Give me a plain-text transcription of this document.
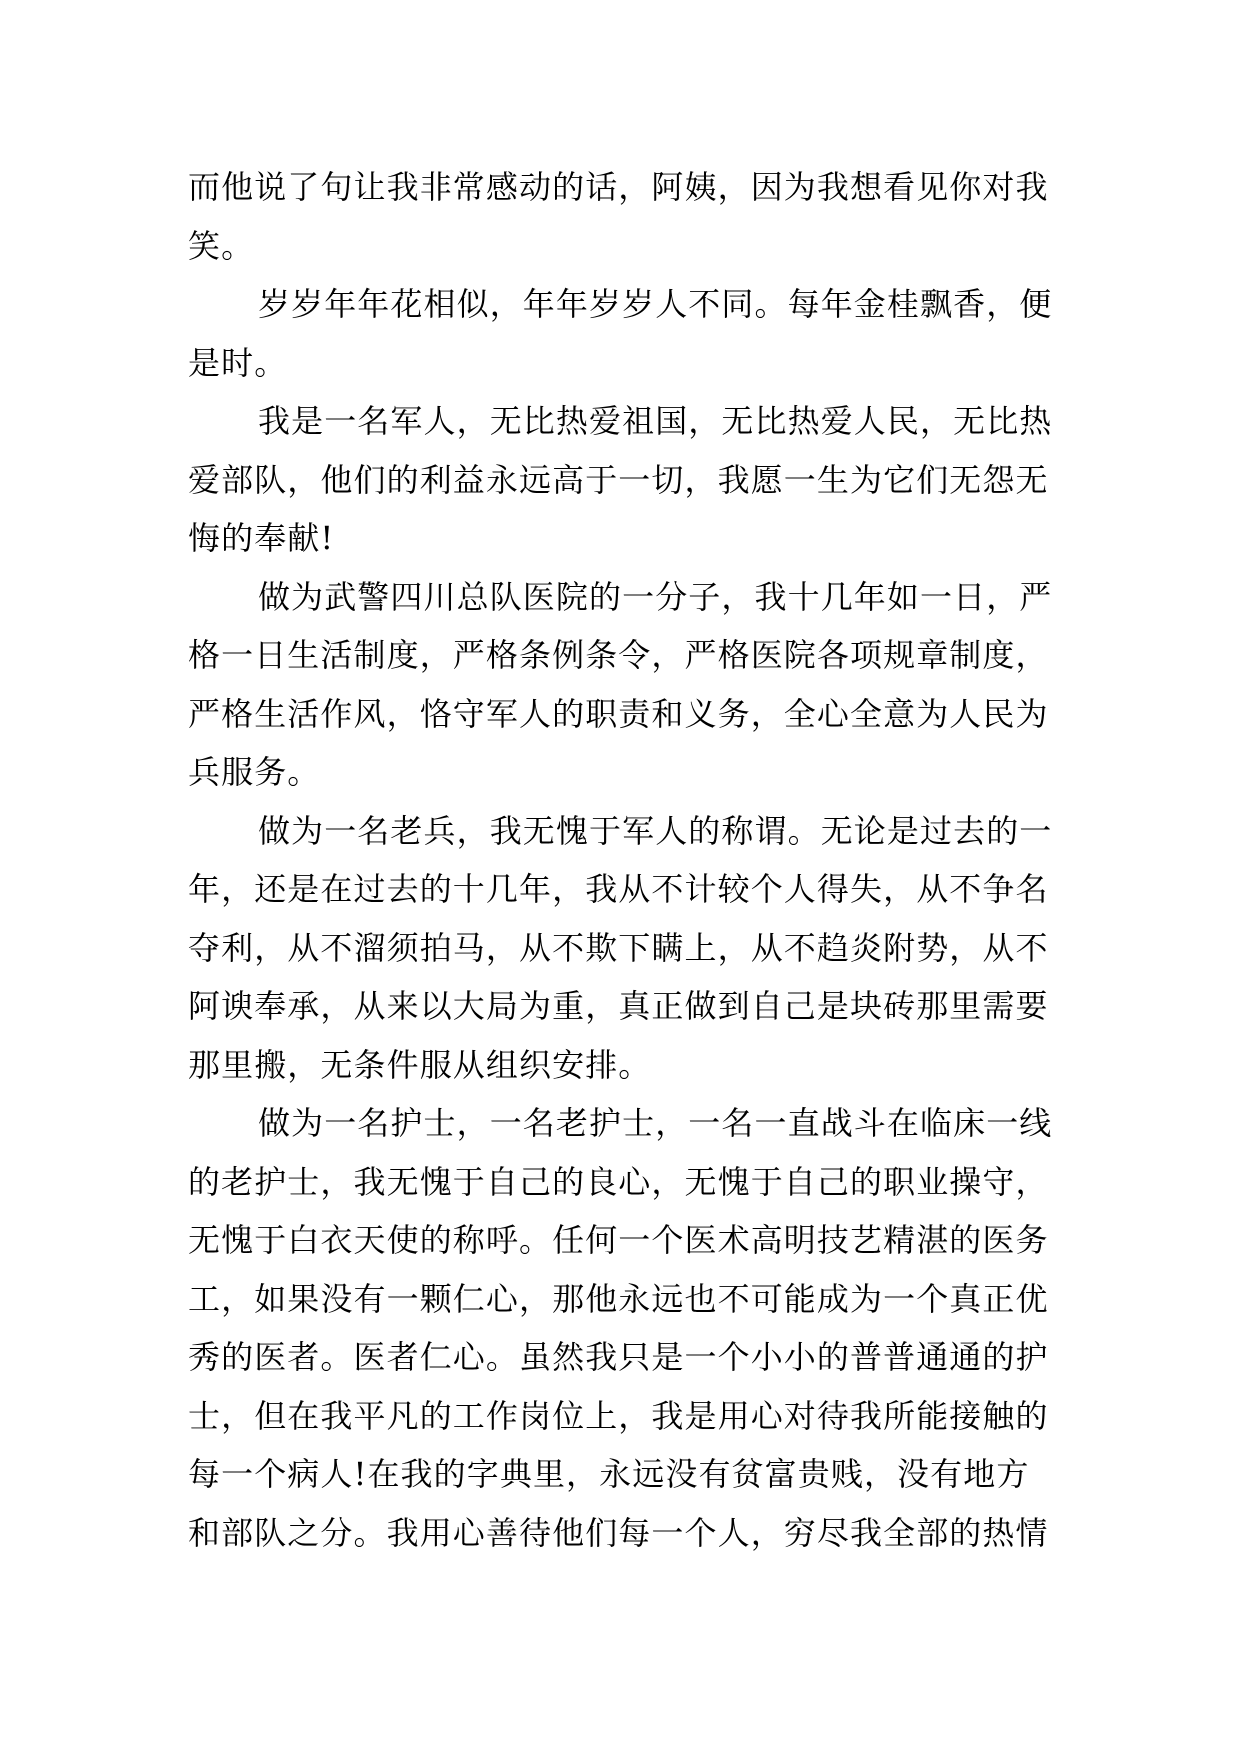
而他说了句让我非常感动的话，阿姨，因为我想看见你对我
笑。
岁岁年年花相似，年年岁岁人不同。每年金桂飘香，便
是时。
我是一名军人，无比热爱祖国，无比热爱人民，无比热
爱部队，他们的利益永远高于一切，我愿一生为它们无怨无
悔的奉献!
做为武警四川总队医院的一分子，我十几年如一日，严
格一日生活制度，严格条例条令，严格医院各项规章制度，
严格生活作风，恪守军人的职责和义务，全心全意为人民为
兵服务。
做为一名老兵，我无愧于军人的称谓。无论是过去的一
年，还是在过去的十几年，我从不计较个人得失，从不争名
夺利，从不溜须拍马，从不欺下瞒上，从不趋炎附势，从不
阿谀奉承，从来以大局为重，真正做到自己是块砖那里需要
那里搬，无条件服从组织安排。
做为一名护士，一名老护士，一名一直战斗在临床一线
的老护士，我无愧于自己的良心，无愧于自己的职业操守，
无愧于白衣天使的称呼。任何一个医术高明技艺精湛的医务
工，如果没有一颗仁心，那他永远也不可能成为一个真正优
秀的医者。医者仁心。虽然我只是一个小小的普普通通的护
士，但在我平凡的工作岗位上，我是用心对待我所能接触的
每一个病人!在我的字典里，永远没有贫富贵贱，没有地方
和部队之分。我用心善待他们每一个人，穷尽我全部的热情
